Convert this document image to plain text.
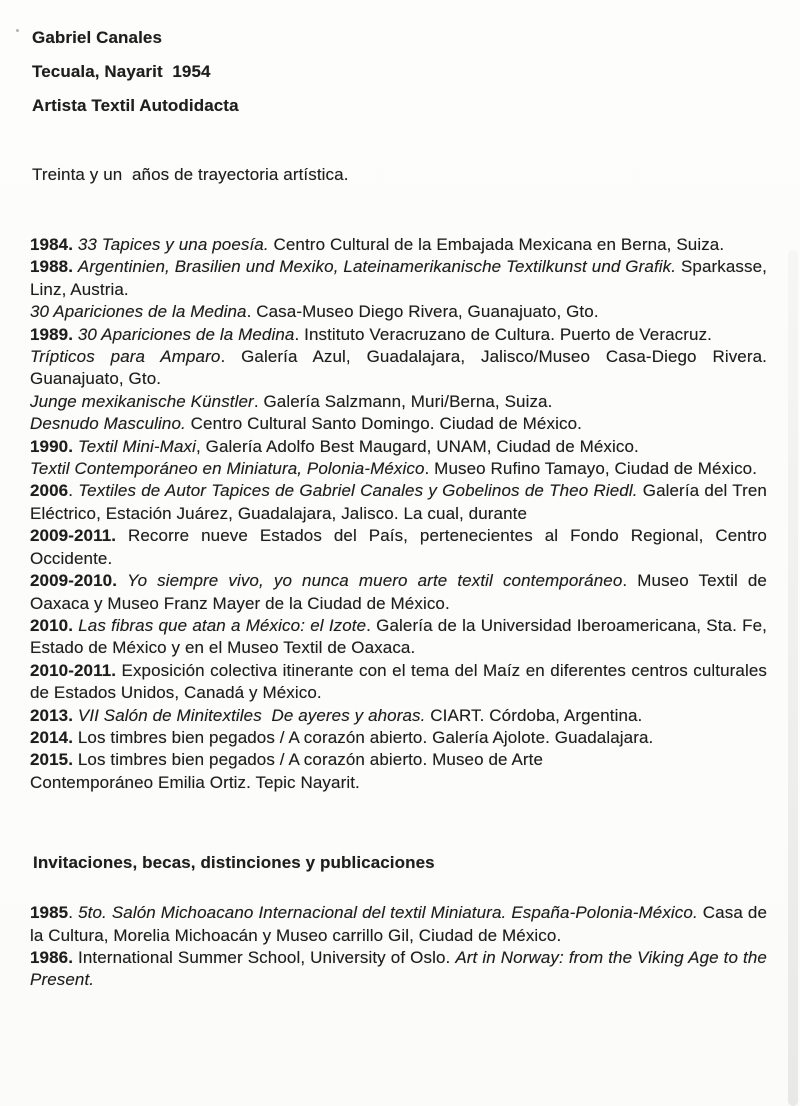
Gabriel Canales

Tecuala, Nayarit  1954

Artista Textil Autodidacta

Treinta y un  años de trayectoria artística.

1984. 33 Tapices y una poesía. Centro Cultural de la Embajada Mexicana en Berna, Suiza.

1988. Argentinien, Brasilien und Mexiko, Lateinamerikanische Textilkunst und Grafik. Sparkasse, Linz, Austria.

30 Apariciones de la Medina. Casa-Museo Diego Rivera, Guanajuato, Gto.

1989. 30 Apariciones de la Medina. Instituto Veracruzano de Cultura. Puerto de Veracruz.

Trípticos para Amparo. Galería Azul, Guadalajara, Jalisco/Museo Casa-Diego Rivera. Guanajuato, Gto.

Junge mexikanische Künstler. Galería Salzmann, Muri/Berna, Suiza.

Desnudo Masculino. Centro Cultural Santo Domingo. Ciudad de México.

1990. Textil Mini-Maxi, Galería Adolfo Best Maugard, UNAM, Ciudad de México.

Textil Contemporáneo en Miniatura, Polonia-México. Museo Rufino Tamayo, Ciudad de México.

2006. Textiles de Autor Tapices de Gabriel Canales y Gobelinos de Theo Riedl. Galería del Tren Eléctrico, Estación Juárez, Guadalajara, Jalisco. La cual, durante

2009-2011. Recorre nueve Estados del País, pertenecientes al Fondo Regional, Centro Occidente.

2009-2010. Yo siempre vivo, yo nunca muero arte textil contemporáneo. Museo Textil de Oaxaca y Museo Franz Mayer de la Ciudad de México.

2010. Las fibras que atan a México: el Izote. Galería de la Universidad Iberoamericana, Sta. Fe, Estado de México y en el Museo Textil de Oaxaca.

2010-2011. Exposición colectiva itinerante con el tema del Maíz en diferentes centros culturales de Estados Unidos, Canadá y México.

2013. VII Salón de Minitextiles  De ayeres y ahoras. CIART. Córdoba, Argentina.

2014. Los timbres bien pegados / A corazón abierto. Galería Ajolote. Guadalajara.

2015. Los timbres bien pegados / A corazón abierto. Museo de Arte
Contemporáneo Emilia Ortiz. Tepic Nayarit.

Invitaciones, becas, distinciones y publicaciones

1985. 5to. Salón Michoacano Internacional del textil Miniatura. España-Polonia-México. Casa de la Cultura, Morelia Michoacán y Museo carrillo Gil, Ciudad de México.

1986. International Summer School, University of Oslo. Art in Norway: from the Viking Age to the Present.
